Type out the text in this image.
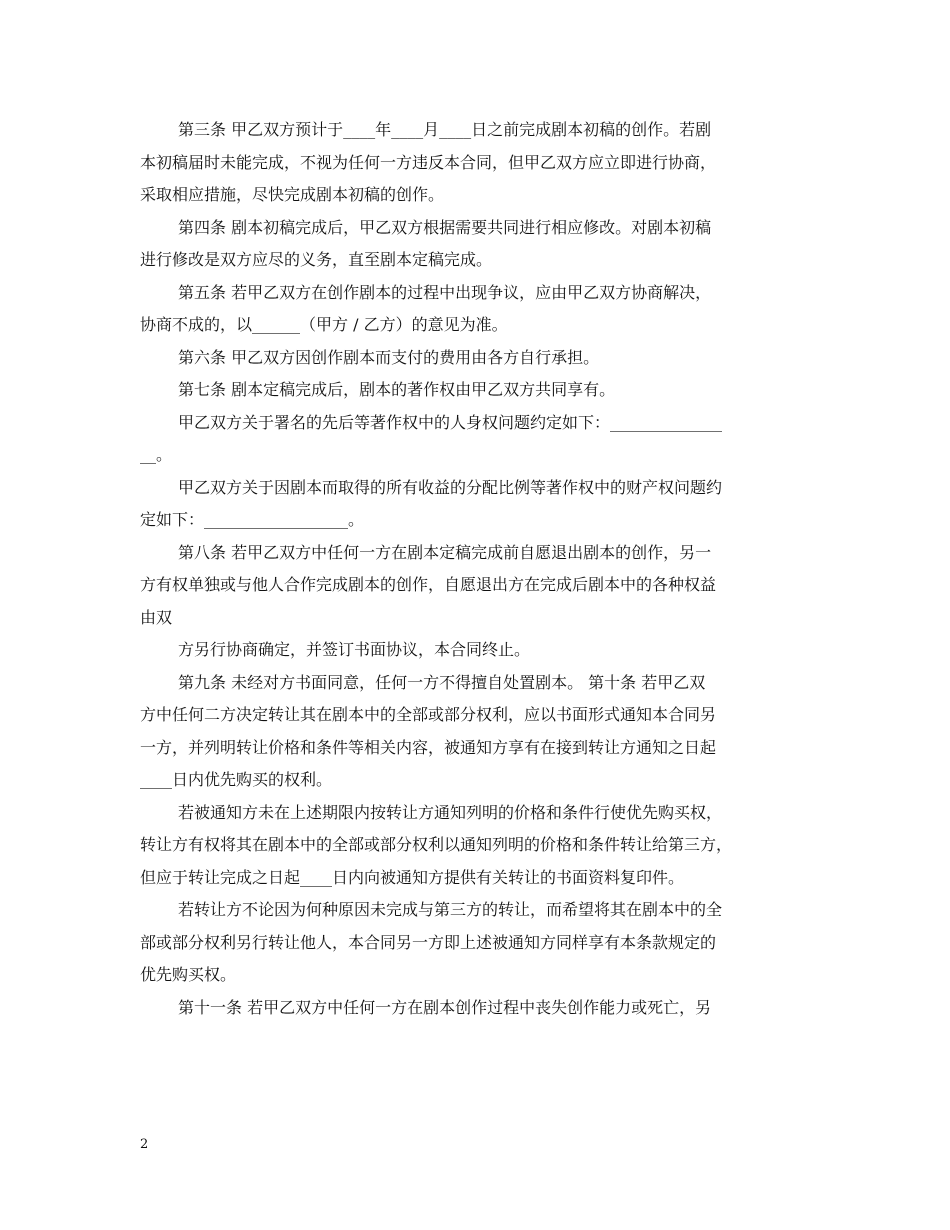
第三条 甲乙双方预计于____年____月____日之前完成剧本初稿的创作。若剧
本初稿届时未能完成，不视为任何一方违反本合同，但甲乙双方应立即进行协商，
采取相应措施，尽快完成剧本初稿的创作。
第四条 剧本初稿完成后，甲乙双方根据需要共同进行相应修改。对剧本初稿
进行修改是双方应尽的义务，直至剧本定稿完成。
第五条 若甲乙双方在创作剧本的过程中出现争议，应由甲乙双方协商解决，
协商不成的，以______（甲方 / 乙方）的意见为准。
第六条 甲乙双方因创作剧本而支付的费用由各方自行承担。
第七条 剧本定稿完成后，剧本的著作权由甲乙双方共同享有。
甲乙双方关于署名的先后等著作权中的人身权问题约定如下：______________
__。
甲乙双方关于因剧本而取得的所有收益的分配比例等著作权中的财产权问题约
定如下：__________________。
第八条 若甲乙双方中任何一方在剧本定稿完成前自愿退出剧本的创作，另一
方有权单独或与他人合作完成剧本的创作，自愿退出方在完成后剧本中的各种权益
由双
方另行协商确定，并签订书面协议，本合同终止。
第九条 未经对方书面同意，任何一方不得擅自处置剧本。 第十条 若甲乙双
方中任何二方决定转让其在剧本中的全部或部分权利，应以书面形式通知本合同另
一方，并列明转让价格和条件等相关内容，被通知方享有在接到转让方通知之日起
____日内优先购买的权利。
若被通知方未在上述期限内按转让方通知列明的价格和条件行使优先购买权，
转让方有权将其在剧本中的全部或部分权利以通知列明的价格和条件转让给第三方，
但应于转让完成之日起____日内向被通知方提供有关转让的书面资料复印件。
若转让方不论因为何种原因未完成与第三方的转让，而希望将其在剧本中的全
部或部分权利另行转让他人，本合同另一方即上述被通知方同样享有本条款规定的
优先购买权。
第十一条 若甲乙双方中任何一方在剧本创作过程中丧失创作能力或死亡，另
2
